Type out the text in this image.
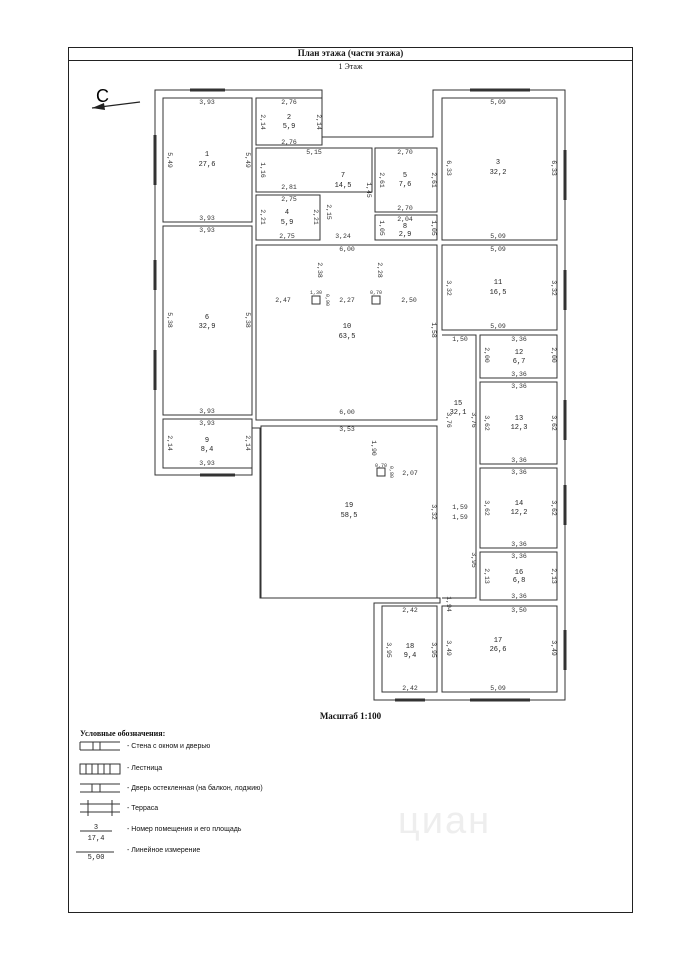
План этажа (части этажа)
1 Этаж
С
1
27,6
2
5,9
3
32,2
4
5,9
5
7,6
6
32,9
7
14,5
8
2,9
9
8,4
10
63,5
11
16,5
12
6,7
13
12,3
14
12,2
15
32,1
16
6,8
17
26,6
18
9,4
19
58,5
3,93	2,76
2,14	2,14
5,49	5,49
2,76
5,15
1,16
2,81
2,75
2,21	2,21
2,75
3,93
3,93
5,38	5,38
3,93
3,93
2,14	2,14
3,93
5,09
6,33	6,33
5,09
2,70
2,61	2,61
2,70
2,04
1,05
1,45
1,05
3,24
2,15
6,00
2,38	2,28
2,47	2,27	2,50
1,30	0,70
0,90
1,58
6,00
5,09
3,32	3,32
5,09
1,50
2,00
3,36
2,00
3,36
3,36
3,62	3,62
3,36
3,36
3,62	3,62
3,36
3,36
2,13	2,13
3,36
3,76	3,76
3,53
1,90
2,07
0,70 0,80
3,32 1,59
1,59
3,95
1,94
2,42	3,50
3,95	3,95
2,42
3,49
5,09
3,49
3
17,4
5,00
Масштаб 1:100
Условные обозначения:
- Стена с окном и дверью
- Лестница
- Дверь остекленная (на балкон, лоджию)
- Терраса
- Номер помещения и его площадь
- Линейное измерение
циан
